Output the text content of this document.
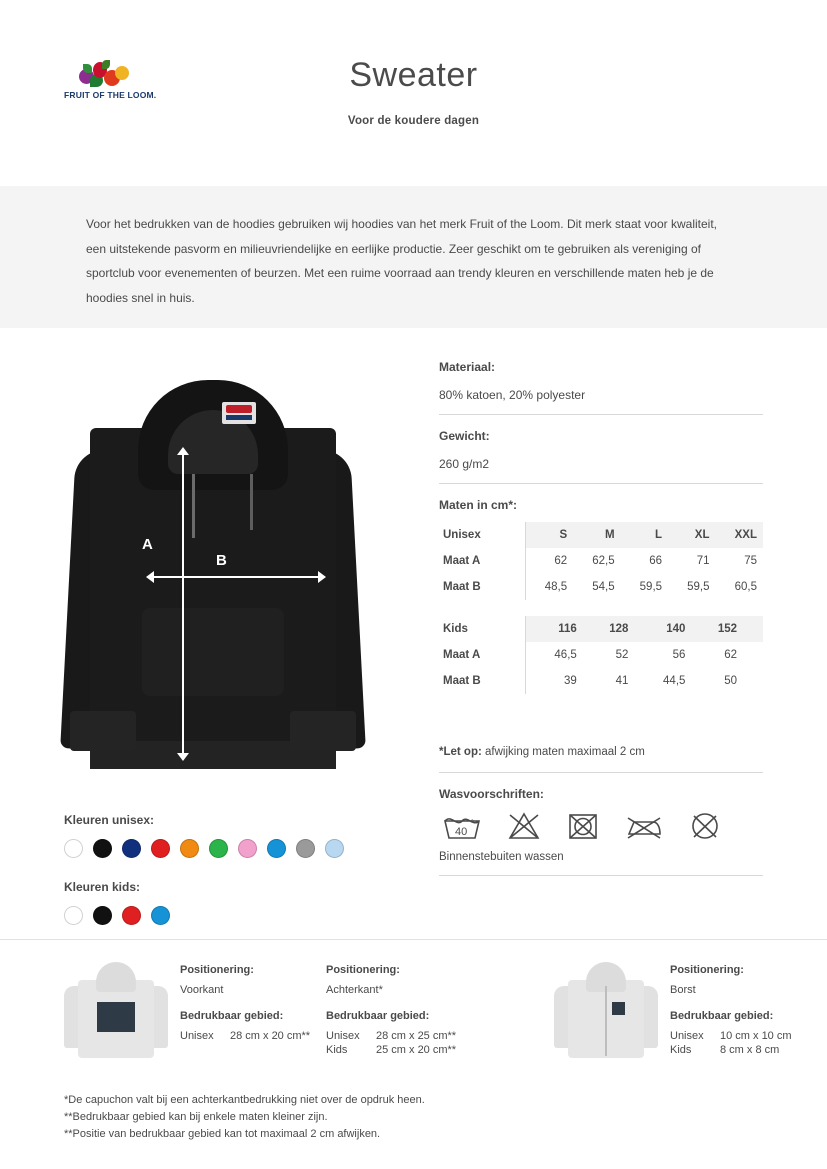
FRUIT OF THE LOOM.
Sweater
Voor de koudere dagen
Voor het bedrukken van de hoodies gebruiken wij hoodies van het merk Fruit of the Loom. Dit merk staat voor kwaliteit, een uitstekende pasvorm en milieuvriendelijke en eerlijke productie. Zeer geschikt om te gebruiken als vereniging of sportclub voor evenementen of beurzen. Met een ruime voorraad aan trendy kleuren en verschillende maten heb je de hoodies snel in huis.
A
B
Kleuren unisex:
Kleuren kids:
Materiaal:
80% katoen, 20% polyester
Gewicht:
260 g/m2
Maten in cm*:
Unisex	S	M	L	XL	XXL
Maat A	62	62,5	66	71	75
Maat B	48,5	54,5	59,5	59,5	60,5
Kids	116	128	140	152	
Maat A	46,5	52	56	62	
Maat B	39	41	44,5	50	
*Let op: afwijking maten maximaal 2 cm
Wasvoorschriften:
40
˚
Binnenstebuiten wassen
Positionering:
Voorkant
Bedrukbaar gebied:
Unisex	28 cm x 20 cm**
Positionering:
Achterkant*
Bedrukbaar gebied:
Unisex	28 cm x 25 cm**
Kids	25 cm x 20 cm**
Positionering:
Borst
Bedrukbaar gebied:
Unisex	10 cm x 10 cm
Kids	8 cm x 8 cm
*De capuchon valt bij een achterkantbedrukking niet over de opdruk heen.
**Bedrukbaar gebied kan bij enkele maten kleiner zijn.
**Positie van bedrukbaar gebied kan tot maximaal 2 cm afwijken.
